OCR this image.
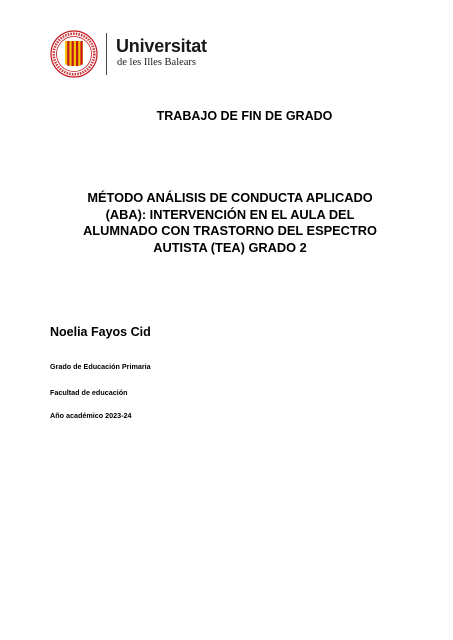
Universitat
de les Illes Balears
TRABAJO DE FIN DE GRADO
MÉTODO ANÁLISIS DE CONDUCTA APLICADO
(ABA): INTERVENCIÓN EN EL AULA DEL
ALUMNADO CON TRASTORNO DEL ESPECTRO
AUTISTA (TEA) GRADO 2
Noelia Fayos Cid
Grado de Educación Primaria
Facultad de educación
Año académico 2023-24
